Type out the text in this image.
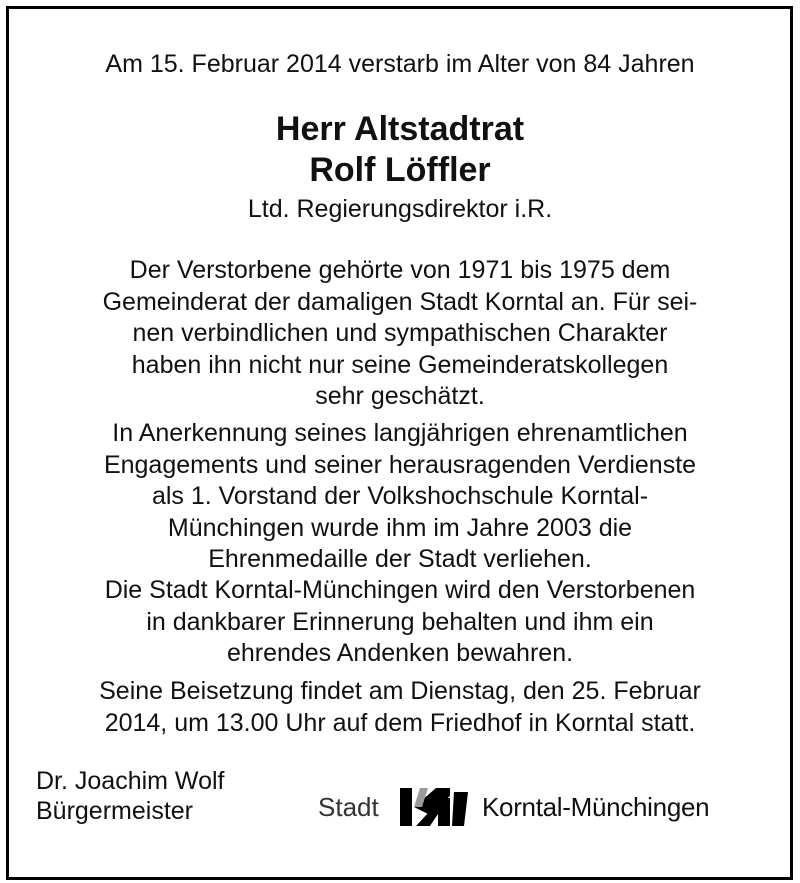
Am 15. Februar 2014 verstarb im Alter von 84 Jahren
Herr Altstadtrat
Rolf Löffler
Ltd. Regierungsdirektor i.R.
Der Verstorbene gehörte von 1971 bis 1975 dem
Gemeinderat der damaligen Stadt Korntal an. Für sei-
nen verbindlichen und sympathischen Charakter
haben ihn nicht nur seine Gemeinderatskollegen
sehr geschätzt.
In Anerkennung seines langjährigen ehrenamtlichen
Engagements und seiner herausragenden Verdienste
als 1. Vorstand der Volkshochschule Korntal-
Münchingen wurde ihm im Jahre 2003 die
Ehrenmedaille der Stadt verliehen.
Die Stadt Korntal-Münchingen wird den Verstorbenen
in dankbarer Erinnerung behalten und ihm ein
ehrendes Andenken bewahren.
Seine Beisetzung findet am Dienstag, den 25. Februar
2014, um 13.00 Uhr auf dem Friedhof in Korntal statt.
Dr. Joachim Wolf
Bürgermeister	Stadt	Korntal-Münchingen
